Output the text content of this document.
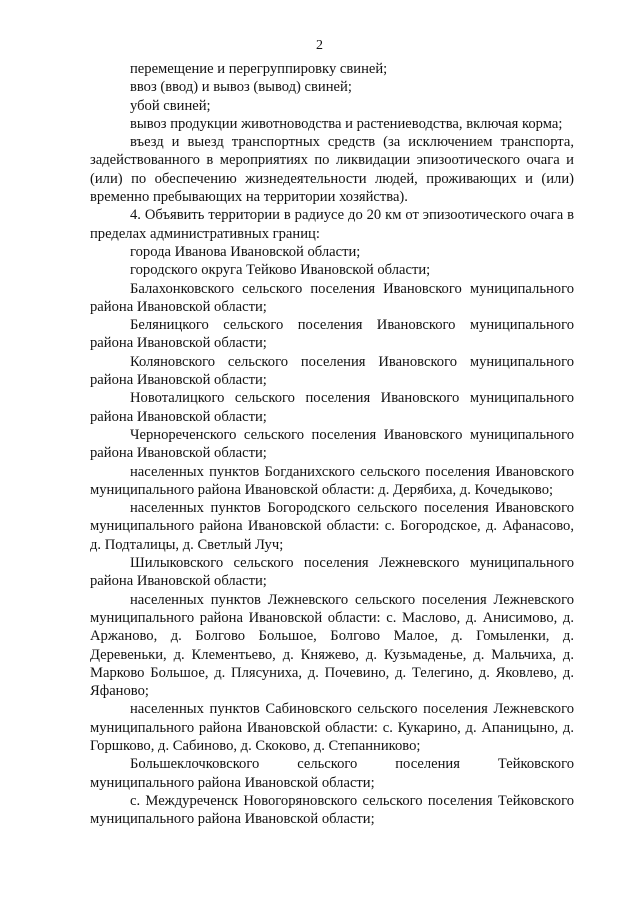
2

перемещение и перегруппировку свиней;

ввоз (ввод) и вывоз (вывод) свиней;

убой свиней;

вывоз продукции животноводства и растениеводства, включая корма;

въезд и выезд транспортных средств (за исключением транспорта, задействованного в мероприятиях по ликвидации эпизоотического очага и (или) по обеспечению жизнедеятельности людей, проживающих и (или) временно пребывающих на территории хозяйства).

4. Объявить территории в радиусе до 20 км от эпизоотического очага в пределах административных границ:

города Иванова Ивановской области;

городского округа Тейково Ивановской области;

Балахонковского сельского поселения Ивановского муниципального района Ивановской области;

Беляницкого сельского поселения Ивановского муниципального района Ивановской области;

Коляновского сельского поселения Ивановского муниципального района Ивановской области;

Новоталицкого сельского поселения Ивановского муниципального района Ивановской области;

Чернореченского сельского поселения Ивановского муниципального района Ивановской области;

населенных пунктов Богданихского сельского поселения Ивановского муниципального района Ивановской области: д. Дерябиха, д. Кочедыково;

населенных пунктов Богородского сельского поселения Ивановского муниципального района Ивановской области: с. Богородское, д. Афанасово, д. Подталицы, д. Светлый Луч;

Шилыковского сельского поселения Лежневского муниципального района Ивановской области;

населенных пунктов Лежневского сельского поселения Лежневского муниципального района Ивановской области: с. Маслово, д. Анисимово, д. Аржаново, д. Болгово Большое, Болгово Малое, д. Гомыленки, д. Деревеньки, д. Клементьево, д. Княжево, д. Кузьмаденье, д. Мальчиха, д. Марково Большое, д. Плясуниха, д. Почевино, д. Телегино, д. Яковлево, д. Яфаново;

населенных пунктов Сабиновского сельского поселения Лежневского муниципального района Ивановской области: с. Кукарино, д. Апаницыно, д. Горшково, д. Сабиново, д. Скоково, д. Степанниково;

Большеклочковского сельского поселения Тейковского муниципального района Ивановской области;

с. Междуреченск Новогоряновского сельского поселения Тейковского муниципального района Ивановской области;
